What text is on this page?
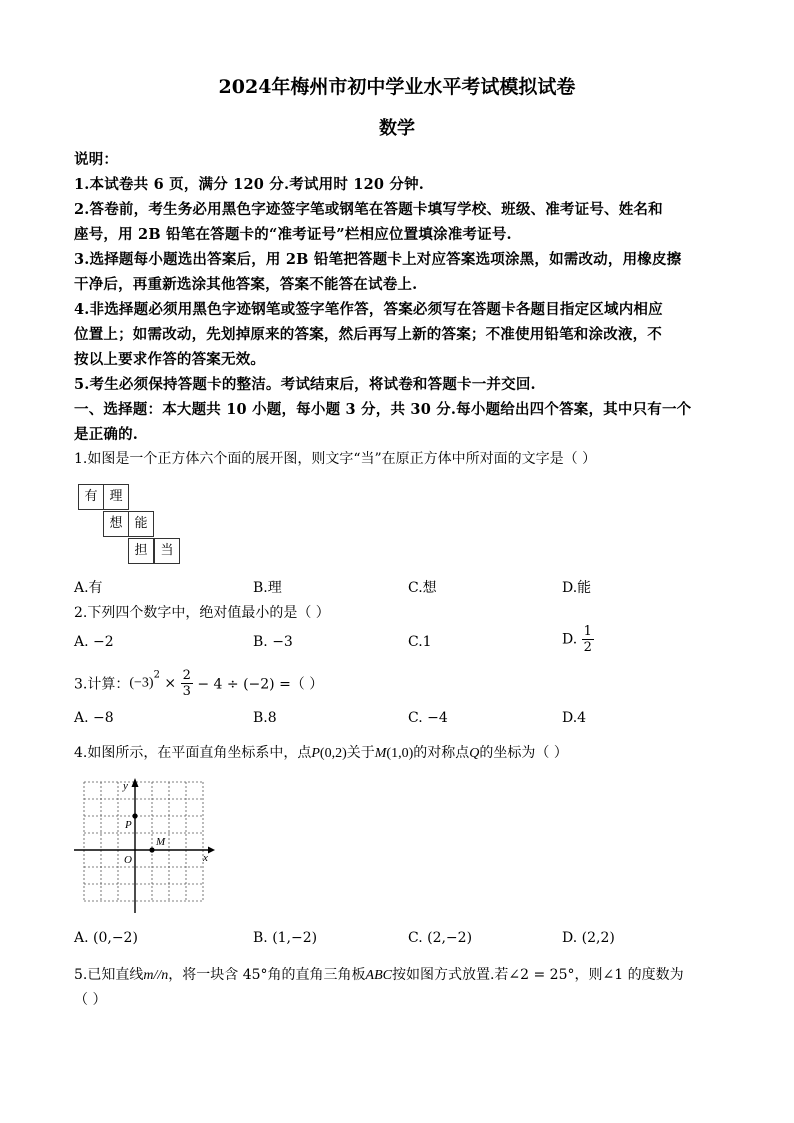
2024年梅州市初中学业水平考试模拟试卷
数学
说明：
1.本试卷共 6 页，满分 120 分.考试用时 120 分钟.
2.答卷前，考生务必用黑色字迹签字笔或钢笔在答题卡填写学校、班级、准考证号、姓名和
座号，用 2B 铅笔在答题卡的“准考证号”栏相应位置填涂准考证号.
3.选择题每小题选出答案后，用 2B 铅笔把答题卡上对应答案选项涂黑，如需改动，用橡皮擦
干净后，再重新选涂其他答案，答案不能答在试卷上.
4.非选择题必须用黑色字迹钢笔或签字笔作答，答案必须写在答题卡各题目指定区域内相应
位置上；如需改动，先划掉原来的答案，然后再写上新的答案；不准使用铅笔和涂改液，不
按以上要求作答的答案无效。
5.考生必须保持答题卡的整洁。考试结束后，将试卷和答题卡一并交回.
一、选择题：本大题共 10 小题，每小题 3 分，共 30 分.每小题给出四个答案，其中只有一个
是正确的.
1.如图是一个正方体六个面的展开图，则文字“当”在原正方体中所对面的文字是（ ）
有 理
想 能
担 当
A.有	B.理	C.想	D.能
2.下列四个数字中，绝对值最小的是（ ）
A. −2	B. −3	C.1	D. $\frac{1}{2}$
3.计算：$(-3)^2 \times \frac{2}{3} - 4 \div (-2)$ =（ ）
A. −8	B.8	C. −4	D.4
4.如图所示，在平面直角坐标系中，点P(0,2)关于M(1,0)的对称点Q的坐标为（ ）
x
y
O
P
M
A. (0,−2)	B. (1,−2)	C. (2,−2)	D. (2,2)
5.已知直线m//n，将一块含 45°角的直角三角板ABC按如图方式放置.若∠2 = 25°，则∠1 的度数为
（ ）
